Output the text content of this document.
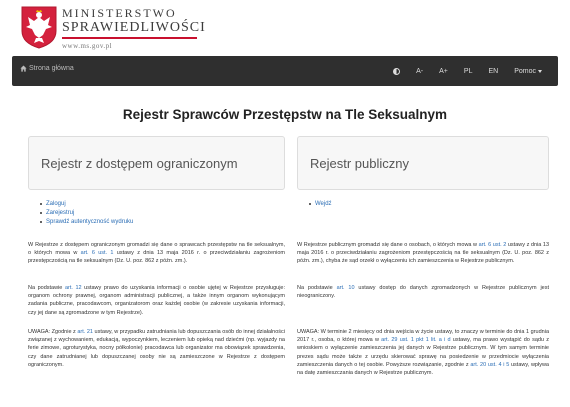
MINISTERSTWO
SPRAWIEDLIWOŚCI
www.ms.gov.pl
Strona główna	A- A+ PL EN Pomoc
Rejestr Sprawców Przestępstw na Tle Seksualnym
Rejestr z dostępem ograniczonym
Zaloguj
Zarejestruj
Sprawdź autentyczność wydruku

W Rejestrze z dostępem ograniczonym gromadzi się dane o sprawcach przestępstw na tle seksualnym, o których mowa w art. 6 ust. 1 ustawy z dnia 13 maja 2016 r. o przeciwdziałaniu zagrożeniom przestępczością na tle seksualnym (Dz. U. poz. 862 z późn. zm.).

Na podstawie art. 12 ustawy prawo do uzyskania informacji o osobie ujętej w Rejestrze przysługuje: organom ochrony prawnej, organom administracji publicznej, a także innym organom wykonującym zadania publiczne, pracodawcom, organizatorom oraz każdej osobie (w zakresie uzyskania informacji, czy jej dane są zgromadzone w tym Rejestrze).

UWAGA: Zgodnie z art. 21 ustawy, w przypadku zatrudniania lub dopuszczania osób do innej działalności związanej z wychowaniem, edukacją, wypoczynkiem, leczeniem lub opieką nad dziećmi (np. wyjazdy na ferie zimowe, agroturystyka, nocny półkolonie) pracodawca lub organizator ma obowiązek sprawdzenia, czy dane zatrudnianej lub dopuszczanej osoby nie są zamieszczone w Rejestrze z dostępem ograniczonym.

Rejestr publiczny
Wejdź

W Rejestrze publicznym gromadzi się dane o osobach, o których mowa w art. 6 ust. 2 ustawy z dnia 13 maja 2016 r. o przeciwdziałaniu zagrożeniom przestępczością na tle seksualnym (Dz. U. poz. 862 z późn. zm.), chyba że sąd orzekł o wyłączeniu ich zamieszczenia w Rejestrze publicznym.

Na podstawie art. 10 ustawy dostęp do danych zgromadzonych w Rejestrze publicznym jest nieograniczony.

UWAGA: W terminie 2 miesięcy od dnia wejścia w życie ustawy, to znaczy w terminie do dnia 1 grudnia 2017 r., osoba, o której mowa w art. 29 ust. 1 pkt 1 lit. a i d ustawy, ma prawo wystąpić do sądu z wnioskiem o wyłączenie zamieszczenia jej danych w Rejestrze publicznym. W tym samym terminie prezes sądu może także z urzędu skierować sprawę na posiedzenie w przedmiocie wyłączenia zamieszczenia danych o tej osobie. Powyższe rozwiązanie, zgodnie z art. 20 ust. 4 i 5 ustawy, wpływa na datę zamieszczania danych w Rejestrze publicznym.
